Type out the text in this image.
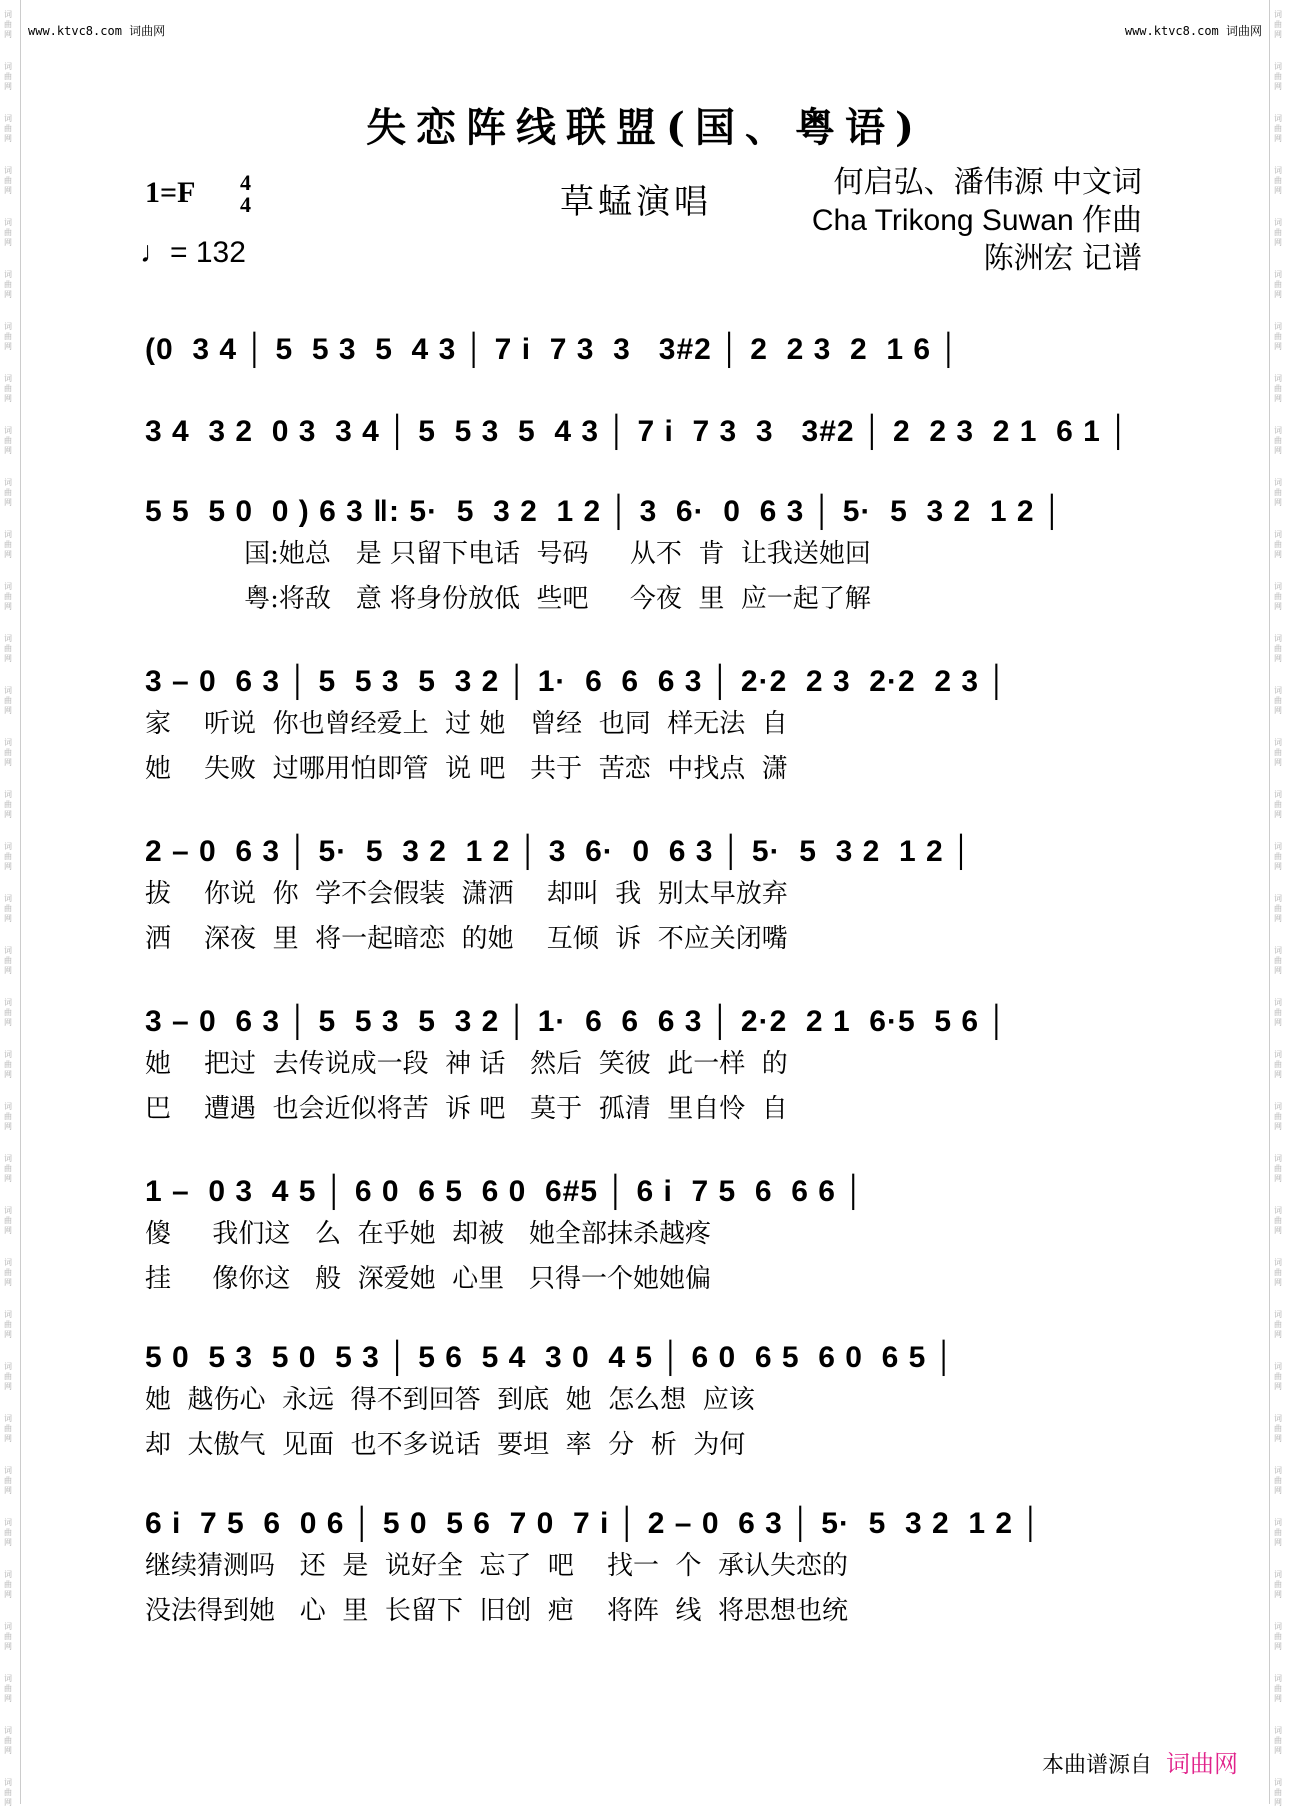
词
曲
网
词
曲
网
词
曲
网
词
曲
网
词
曲
网
词
曲
网
词
曲
网
词
曲
网
词
曲
网
词
曲
网
词
曲
网
词
曲
网
词
曲
网
词
曲
网
词
曲
网
词
曲
网
词
曲
网
词
曲
网
词
曲
网
词
曲
网
词
曲
网
词
曲
网
词
曲
网
词
曲
网
词
曲
网
词
曲
网
词
曲
网
词
曲
网
词
曲
网
词
曲
网
词
曲
网
词
曲
网
词
曲
网
词
曲
网
词
曲
网
词
曲
网
词
曲
网
词
曲
网
词
曲
网
词
曲
网
词
曲
网
词
曲
网
词
曲
网
词
曲
网
词
曲
网
词
曲
网
词
曲
网
词
曲
网
词
曲
网
词
曲
网
词
曲
网
词
曲
网
词
曲
网
词
曲
网
词
曲
网
词
曲
网
词
曲
网
词
曲
网
词
曲
网
词
曲
网
词
曲
网
词
曲
网
词
曲
网
词
曲
网
词
曲
网
词
曲
网
词
曲
网
词
曲
网
词
曲
网
词
曲
网
www.ktvc8.com 词曲网	www.ktvc8.com 词曲网
失恋阵线联盟(国、粤语)
1=F 4
4
♩= 132
草蜢演唱	何启弘、潘伟源 中文词
Cha Trikong Suwan 作曲
陈洲宏 记谱
(0  3 4 │ 5  5 3  5  4 3 │ 7 i  7 3  3   3#2 │ 2  2 3  2  1 6 │
3 4  3 2  0 3  3 4 │ 5  5 3  5  4 3 │ 7 i  7 3  3   3#2 │ 2  2 3  2 1  6 1 │
5 5  5 0  0 ) 6 3 ‖: 5·  5  3 2  1 2 │ 3  6·  0  6 3 │ 5·  5  3 2  1 2 │
国:她总   是 只留下电话  号码     从不  肯  让我送她回
粤:将敌   意 将身份放低  些吧     今夜  里  应一起了解
3 – 0  6 3 │ 5  5 3  5  3 2 │ 1·  6  6  6 3 │ 2·2  2 3  2·2  2 3 │
家    听说  你也曾经爱上  过 她   曾经  也同  样无法  自
她    失败  过哪用怕即管  说 吧   共于  苦恋  中找点  潇
2 – 0  6 3 │ 5·  5  3 2  1 2 │ 3  6·  0  6 3 │ 5·  5  3 2  1 2 │
拔    你说  你  学不会假装  潇洒    却叫  我  别太早放弃
洒    深夜  里  将一起暗恋  的她    互倾  诉  不应关闭嘴
3 – 0  6 3 │ 5  5 3  5  3 2 │ 1·  6  6  6 3 │ 2·2  2 1  6·5  5 6 │
她    把过  去传说成一段  神 话   然后  笑彼  此一样  的
巴    遭遇  也会近似将苦  诉 吧   莫于  孤清  里自怜  自
1 –  0 3  4 5 │ 6 0  6 5  6 0  6#5 │ 6 i  7 5  6  6 6 │
傻     我们这   么  在乎她  却被   她全部抹杀越疼
挂     像你这   般  深爱她  心里   只得一个她她偏
5 0  5 3  5 0  5 3 │ 5 6  5 4  3 0  4 5 │ 6 0  6 5  6 0  6 5 │
她  越伤心  永远  得不到回答  到底  她  怎么想  应该
却  太傲气  见面  也不多说话  要坦  率  分  析  为何
6 i  7 5  6  0 6 │ 5 0  5 6  7 0  7 i │ 2 – 0  6 3 │ 5·  5  3 2  1 2 │
继续猜测吗   还  是  说好全  忘了  吧    找一  个  承认失恋的
没法得到她   心  里  长留下  旧创  疤    将阵  线  将思想也统
本曲谱源自 词曲网
